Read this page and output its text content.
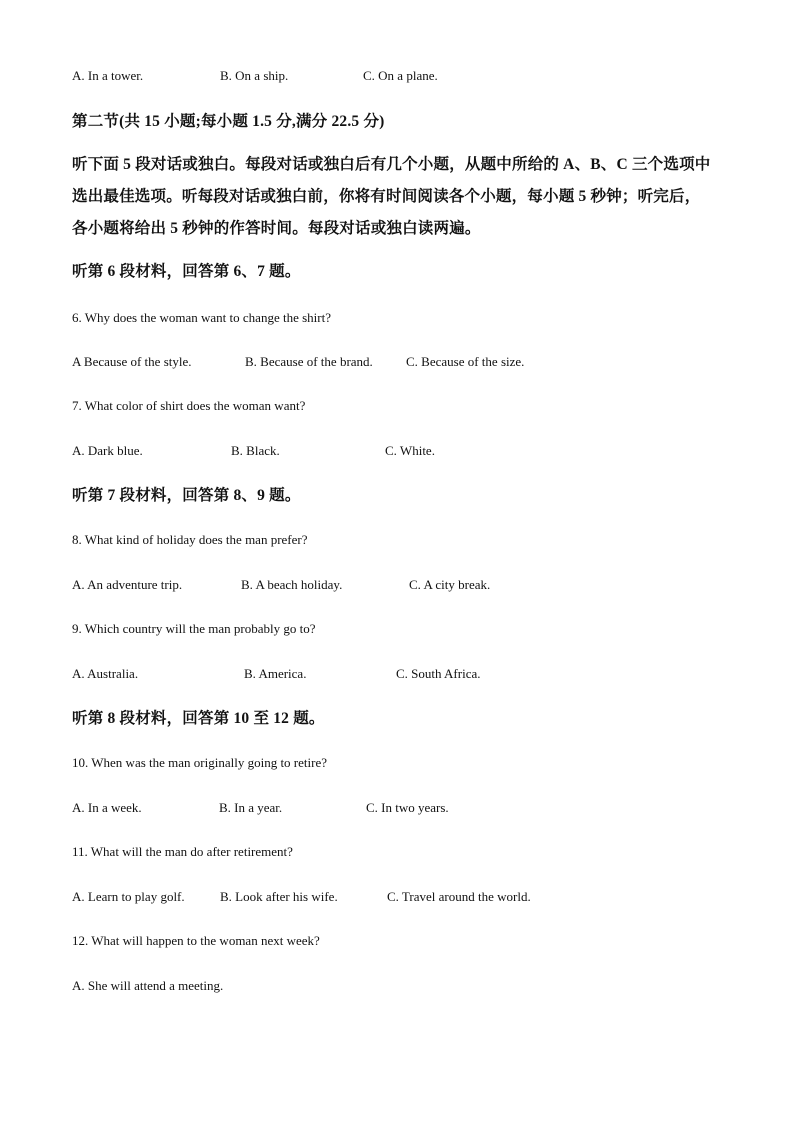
A. In a tower.	B. On a ship.	C. On a plane.
第二节(共 15 小题;每小题 1.5 分,满分 22.5 分)
听下面 5 段对话或独白。每段对话或独白后有几个小题，从题中所给的 A、B、C 三个选项中
选出最佳选项。听每段对话或独白前，你将有时间阅读各个小题，每小题 5 秒钟；听完后，
各小题将给出 5 秒钟的作答时间。每段对话或独白读两遍。
听第 6 段材料，回答第 6、7 题。
6. Why does the woman want to change the shirt?
A Because of the style.	B. Because of the brand.	C. Because of the size.
7. What color of shirt does the woman want?
A. Dark blue.	B. Black.	C. White.
听第 7 段材料，回答第 8、9 题。
8. What kind of holiday does the man prefer?
A. An adventure trip.	B. A beach holiday.	C. A city break.
9. Which country will the man probably go to?
A. Australia.	B. America.	C. South Africa.
听第 8 段材料，回答第 10 至 12 题。
10. When was the man originally going to retire?
A. In a week.	B. In a year.	C. In two years.
11. What will the man do after retirement?
A. Learn to play golf.	B. Look after his wife.	C. Travel around the world.
12. What will happen to the woman next week?
A. She will attend a meeting.
